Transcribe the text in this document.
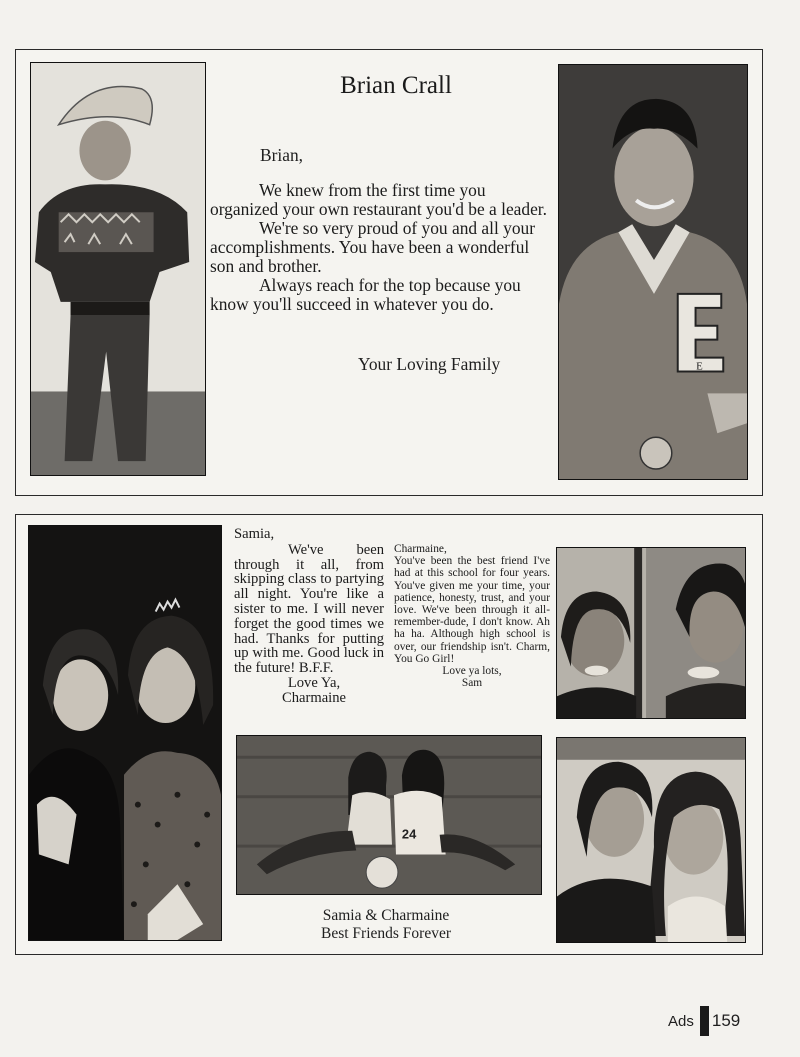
Brian Crall
Brian,

We knew from the first time you organized your own restaurant you'd be a leader.

We're so very proud of you and all your accomplishments. You have been a wonderful son and brother.

Always reach for the top because you know you'll succeed in whatever you do.

Your Loving Family	E
Samia,
We've been through it all, from skipping class to partying all night. You're like a sister to me. I will never forget the good times we had. Thanks for putting up with me. Good luck in the future! B.F.F.
Love Ya,
Charmaine
Charmaine,
You've been the best friend I've had at this school for four years. You've given me your time, your patience, honesty, trust, and your love. We've been through it all-remember-dude, I don't know. Ah ha ha. Although high school is over, our friendship isn't. Charm, You Go Girl!
Love ya lots,
Sam
24
Samia & Charmaine
Best Friends Forever
Ads 159
